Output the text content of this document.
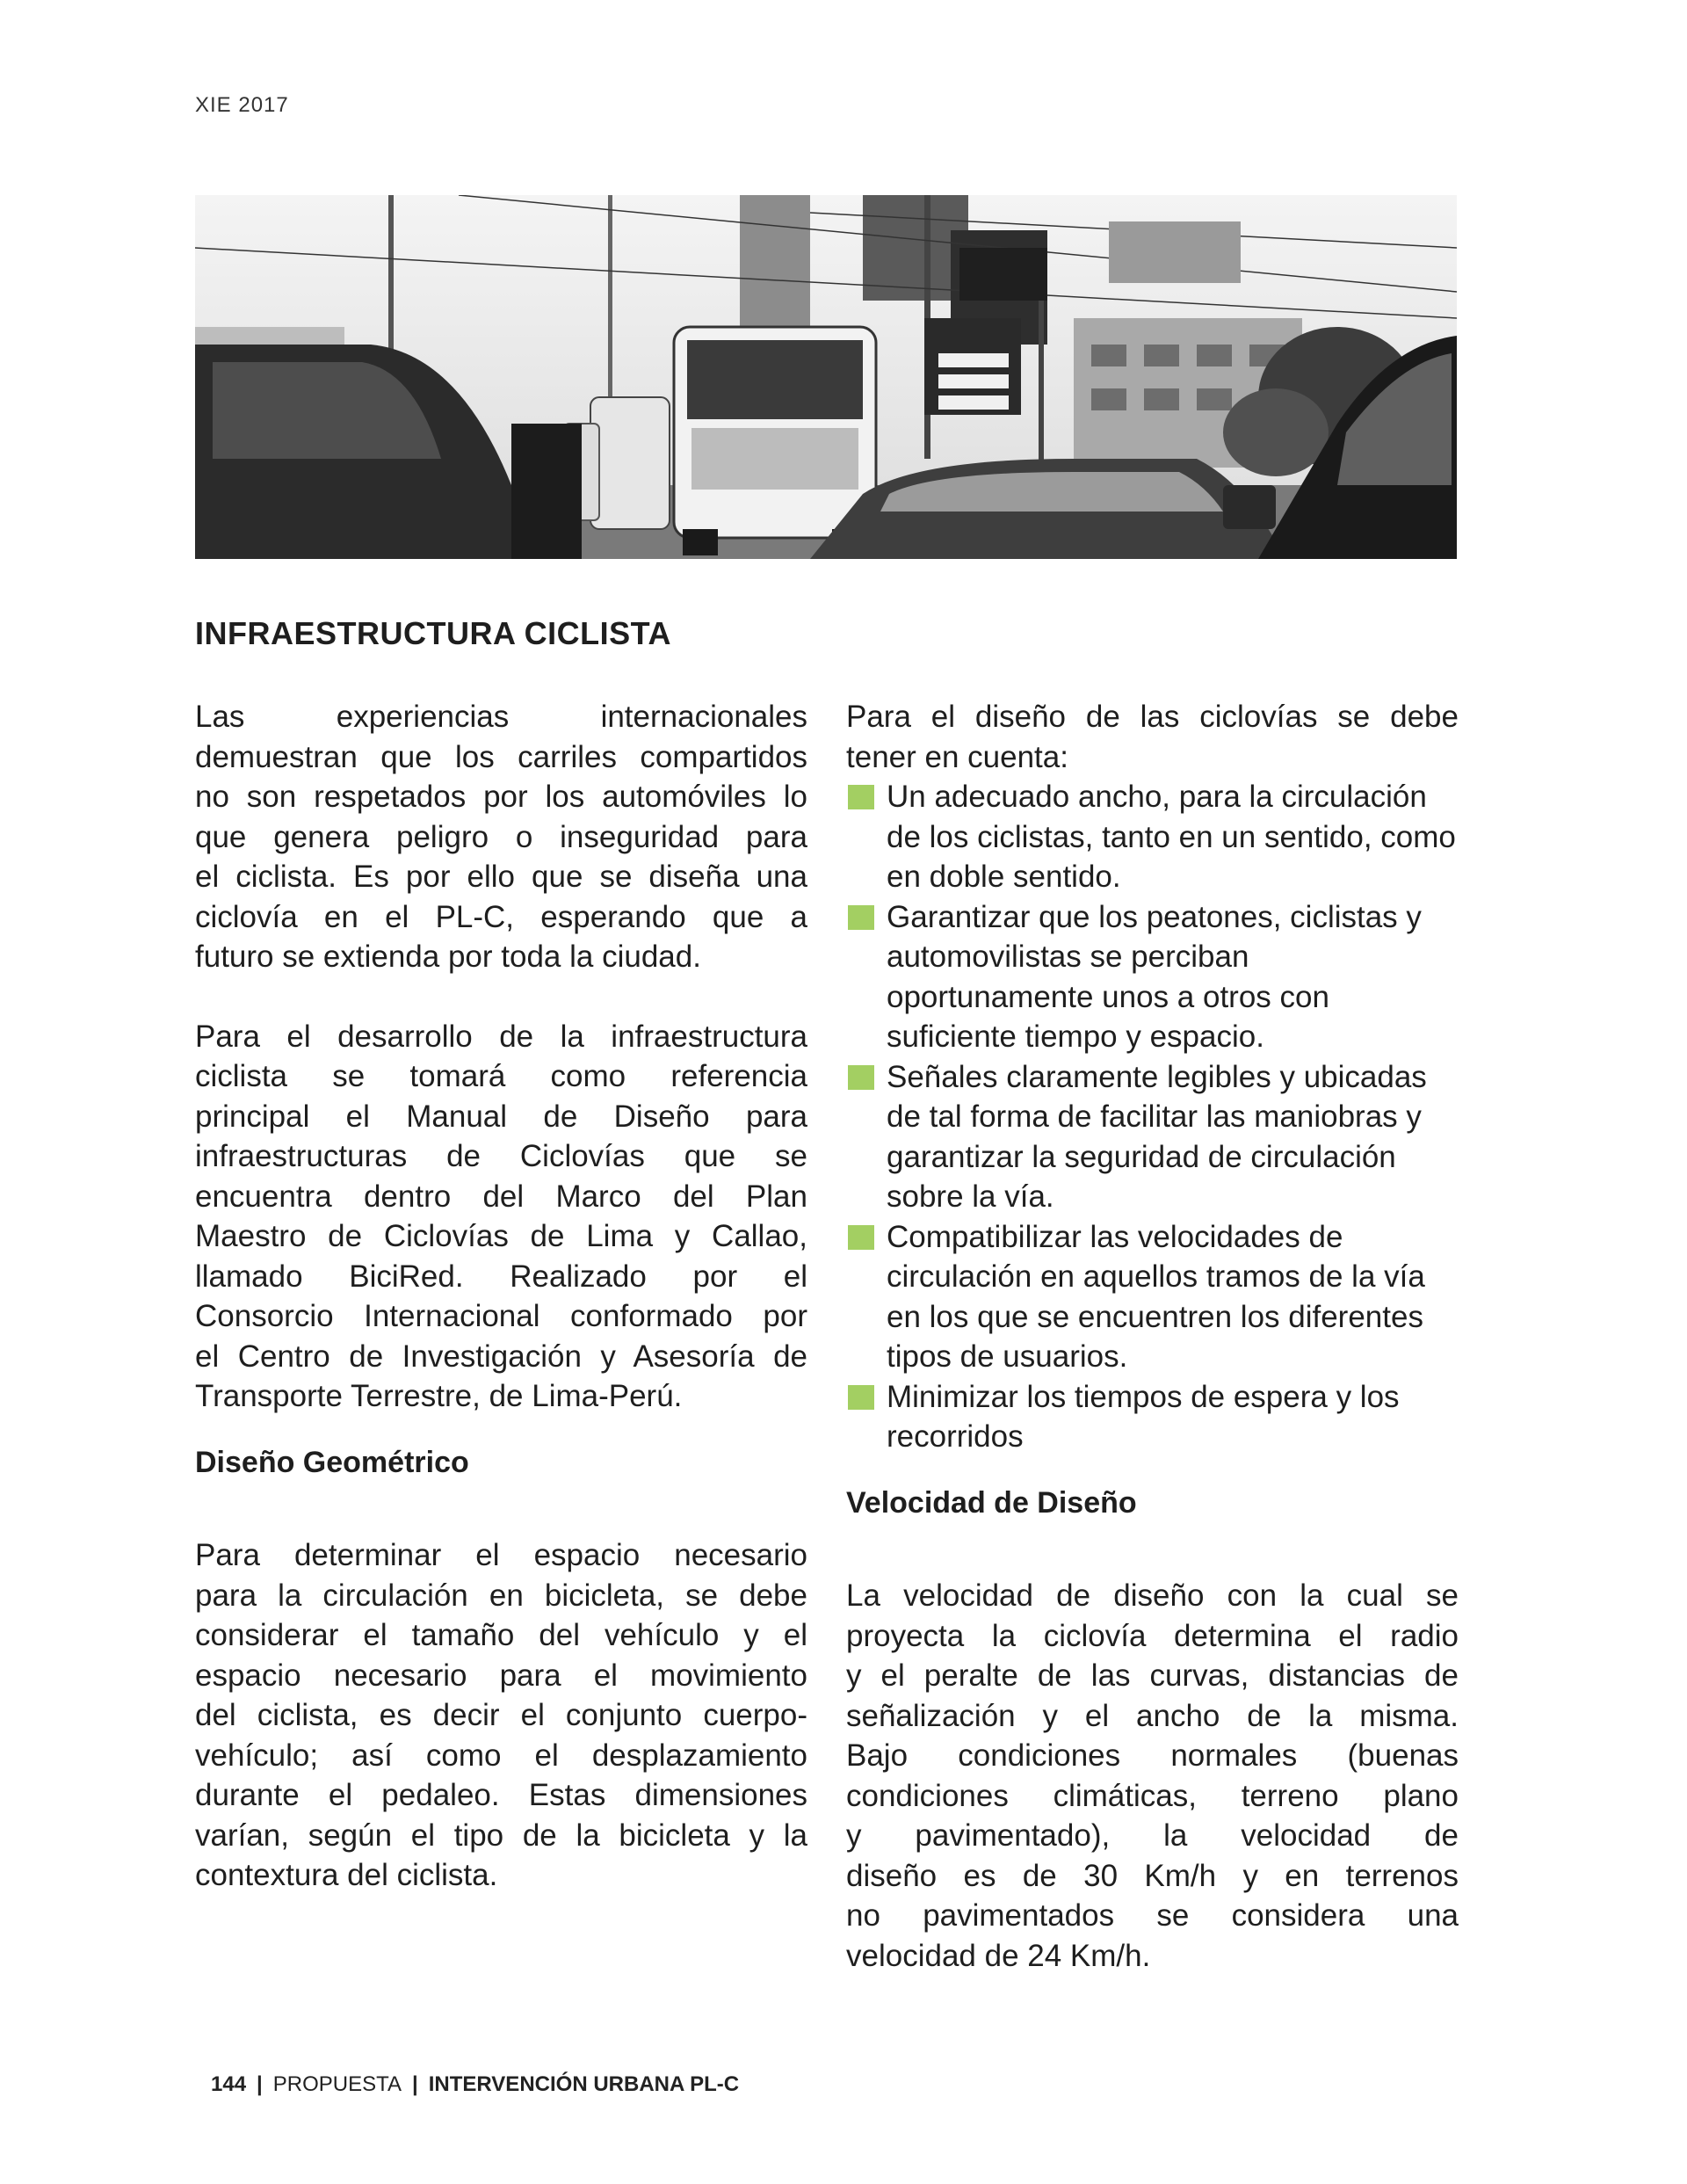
XIE 2017
INFRAESTRUCTURA CICLISTA

Las experiencias internacionales

demuestran que los carriles compartidos

no son respetados por los automóviles lo

que genera peligro o inseguridad para

el ciclista. Es por ello que se diseña una

ciclovía en el PL-C, esperando que a

futuro se extienda por toda la ciudad.

Para el desarrollo de la infraestructura

ciclista se tomará como referencia

principal el Manual de Diseño para

infraestructuras de Ciclovías que se

encuentra dentro del Marco del Plan

Maestro de Ciclovías de Lima y Callao,

llamado BiciRed. Realizado por el

Consorcio Internacional conformado por

el Centro de Investigación y Asesoría de

Transporte Terrestre, de Lima-Perú.

Diseño Geométrico

Para determinar el espacio necesario

para la circulación en bicicleta, se debe

considerar el tamaño del vehículo y el

espacio necesario para el movimiento

del ciclista, es decir el conjunto cuerpo-

vehículo; así como el desplazamiento

durante el pedaleo. Estas dimensiones

varían, según el tipo de la bicicleta y la

contextura del ciclista.

Para el diseño de las ciclovías se debe

tener en cuenta:

Un adecuado ancho, para la circulación de los ciclistas, tanto en un sentido, como en doble sentido.
Garantizar que los peatones, ciclistas y automovilistas se perciban oportunamente unos a otros con suficiente tiempo y espacio.
Señales claramente legibles y ubicadas de tal forma de facilitar las maniobras y garantizar la seguridad de circulación sobre la vía.
Compatibilizar las velocidades de circulación en aquellos tramos de la vía en los que se encuentren los diferentes tipos de usuarios.
Minimizar los tiempos de espera y los recorridos

Velocidad de Diseño

La velocidad de diseño con la cual se

proyecta la ciclovía determina el radio

y el peralte de las curvas, distancias de

señalización y el ancho de la misma.

Bajo condiciones normales (buenas

condiciones climáticas, terreno plano

y pavimentado), la velocidad de

diseño es de 30 Km/h y en terrenos

no pavimentados se considera una

velocidad de 24 Km/h.

144 | PROPUESTA | INTERVENCIÓN URBANA PL-C
